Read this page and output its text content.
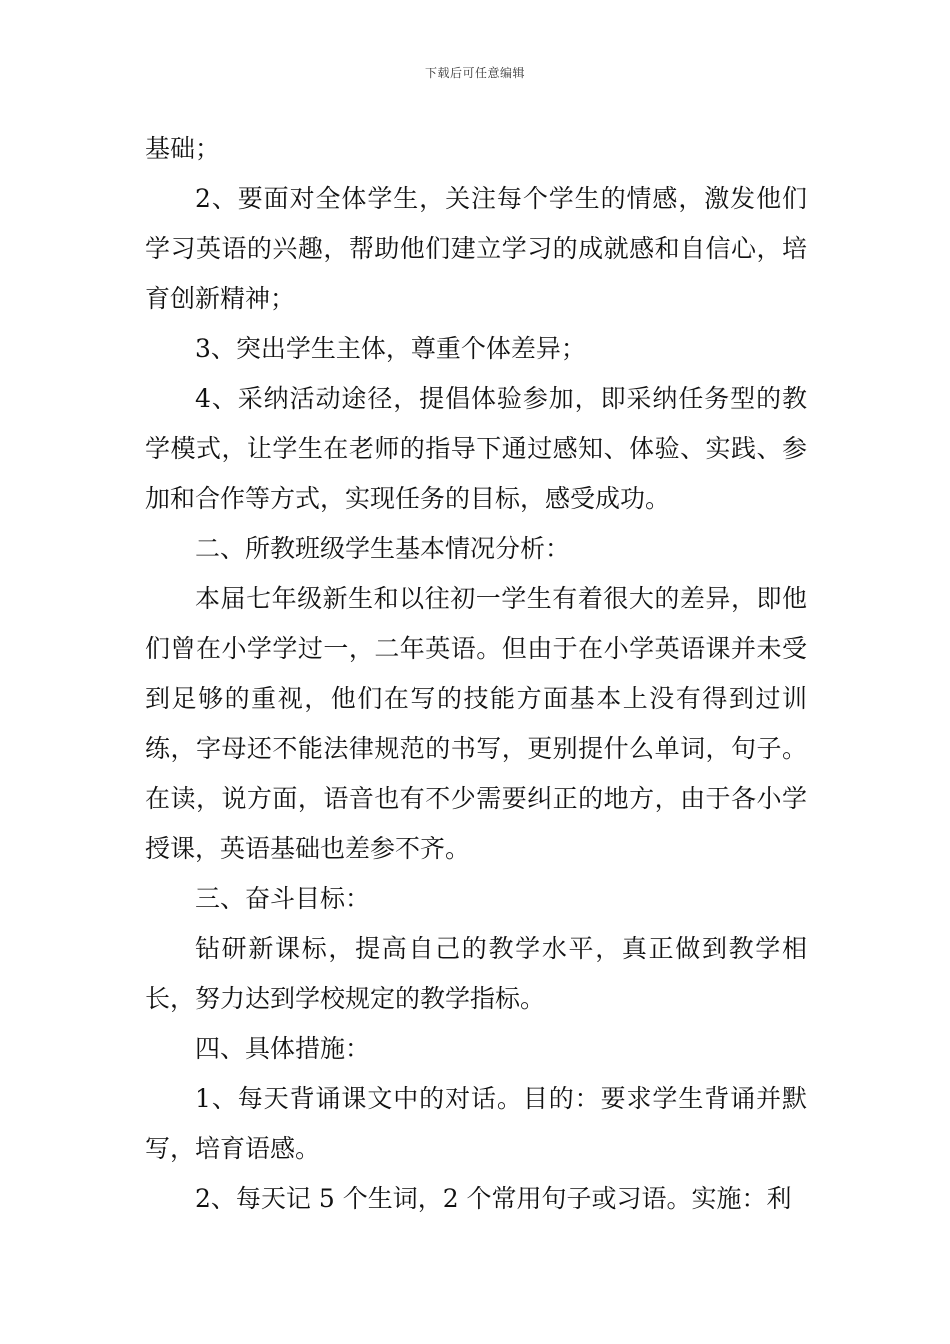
下载后可任意编辑

基础；

2、要面对全体学生，关注每个学生的情感，激发他们学习英语的兴趣，帮助他们建立学习的成就感和自信心，培育创新精神；

3、突出学生主体，尊重个体差异；

4、采纳活动途径，提倡体验参加，即采纳任务型的教学模式，让学生在老师的指导下通过感知、体验、实践、参加和合作等方式，实现任务的目标，感受成功。

二、所教班级学生基本情况分析：

本届七年级新生和以往初一学生有着很大的差异，即他们曾在小学学过一，二年英语。但由于在小学英语课并未受到足够的重视，他们在写的技能方面基本上没有得到过训练，字母还不能法律规范的书写，更别提什么单词，句子。在读，说方面，语音也有不少需要纠正的地方，由于各小学授课，英语基础也差参不齐。

三、奋斗目标：

钻研新课标，提高自己的教学水平，真正做到教学相长，努力达到学校规定的教学指标。

四、具体措施：

1、每天背诵课文中的对话。目的：要求学生背诵并默写，培育语感。

2、每天记 5 个生词，2 个常用句子或习语。实施：利
